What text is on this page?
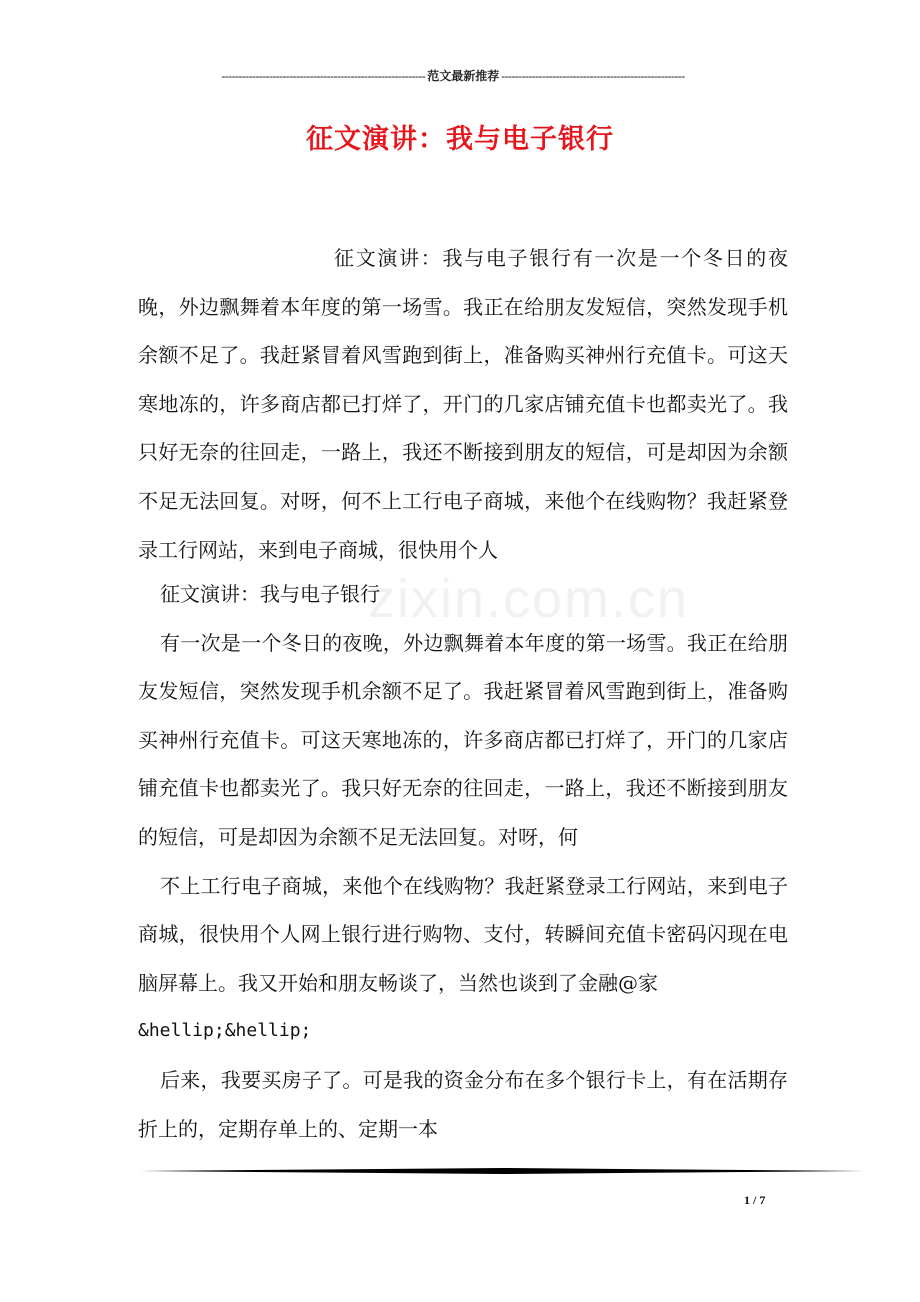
------------------------------------------------------------ 范文最新推荐 ------------------------------------------------------
征文演讲：我与电子银行
zixin.com.cn

征文演讲：我与电子银行有一次是一个冬日的夜晚，外边飘舞着本年度的第一场雪。我正在给朋友发短信，突然发现手机余额不足了。我赶紧冒着风雪跑到街上，准备购买神州行充值卡。可这天寒地冻的，许多商店都已打烊了，开门的几家店铺充值卡也都卖光了。我只好无奈的往回走，一路上，我还不断接到朋友的短信，可是却因为余额不足无法回复。对呀，何不上工行电子商城，来他个在线购物？我赶紧登录工行网站，来到电子商城，很快用个人

征文演讲：我与电子银行

有一次是一个冬日的夜晚，外边飘舞着本年度的第一场雪。我正在给朋友发短信，突然发现手机余额不足了。我赶紧冒着风雪跑到街上，准备购买神州行充值卡。可这天寒地冻的，许多商店都已打烊了，开门的几家店铺充值卡也都卖光了。我只好无奈的往回走，一路上，我还不断接到朋友的短信，可是却因为余额不足无法回复。对呀，何

不上工行电子商城，来他个在线购物？我赶紧登录工行网站，来到电子商城，很快用个人网上银行进行购物、支付，转瞬间充值卡密码闪现在电脑屏幕上。我又开始和朋友畅谈了，当然也谈到了金融@家

&hellip;&hellip;

后来，我要买房子了。可是我的资金分布在多个银行卡上，有在活期存折上的，定期存单上的、定期一本

1 / 7
